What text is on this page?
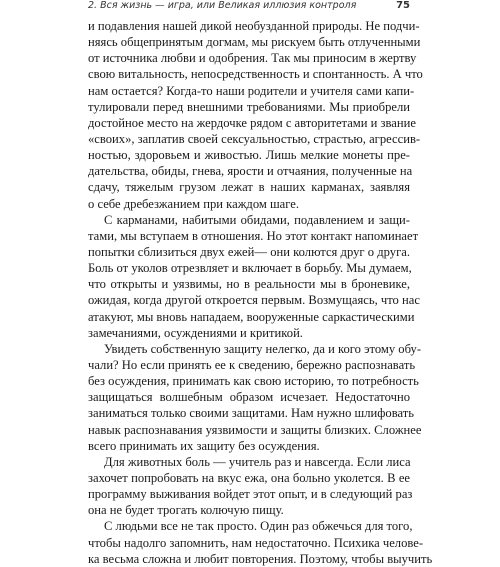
2. Вся жизнь — игра, или Великая иллюзия контроля	75
и подавления нашей дикой необузданной природы. Не подчи-
няясь общепринятым догмам, мы рискуем быть отлученными
от источника любви и одобрения. Так мы приносим в жертву
свою витальность, непосредственность и спонтанность. А что
нам остается? Когда-то наши родители и учителя сами капи-
тулировали перед внешними требованиями. Мы приобрели
достойное место на жердочке рядом с авторитетами и звание
«своих», заплатив своей сексуальностью, страстью, агрессив-
ностью, здоровьем и живостью. Лишь мелкие монеты пре-
дательства, обиды, гнева, ярости и отчаяния, полученные на
сдачу, тяжелым грузом лежат в наших карманах, заявляя
о себе дребезжанием при каждом шаге.
С карманами, набитыми обидами, подавлением и защи-
тами, мы вступаем в отношения. Но этот контакт напоминает
попытки сблизиться двух ежей— они колются друг о друга.
Боль от уколов отрезвляет и включает в борьбу. Мы думаем,
что открыты и уязвимы, но в реальности мы в броневике,
ожидая, когда другой откроется первым. Возмущаясь, что нас
атакуют, мы вновь нападаем, вооруженные саркастическими
замечаниями, осуждениями и критикой.
Увидеть собственную защиту нелегко, да и кого этому обу-
чали? Но если принять ее к сведению, бережно распознавать
без осуждения, принимать как свою историю, то потребность
защищаться волшебным образом исчезает. Недостаточно
заниматься только своими защитами. Нам нужно шлифовать
навык распознавания уязвимости и защиты близких. Сложнее
всего принимать их защиту без осуждения.
Для животных боль — учитель раз и навсегда. Если лиса
захочет попробовать на вкус ежа, она больно уколется. В ее
программу выживания войдет этот опыт, и в следующий раз
она не будет трогать колючую пищу.
С людьми все не так просто. Один раз обжечься для того,
чтобы надолго запомнить, нам недостаточно. Психика челове-
ка весьма сложна и любит повторения. Поэтому, чтобы выучить
